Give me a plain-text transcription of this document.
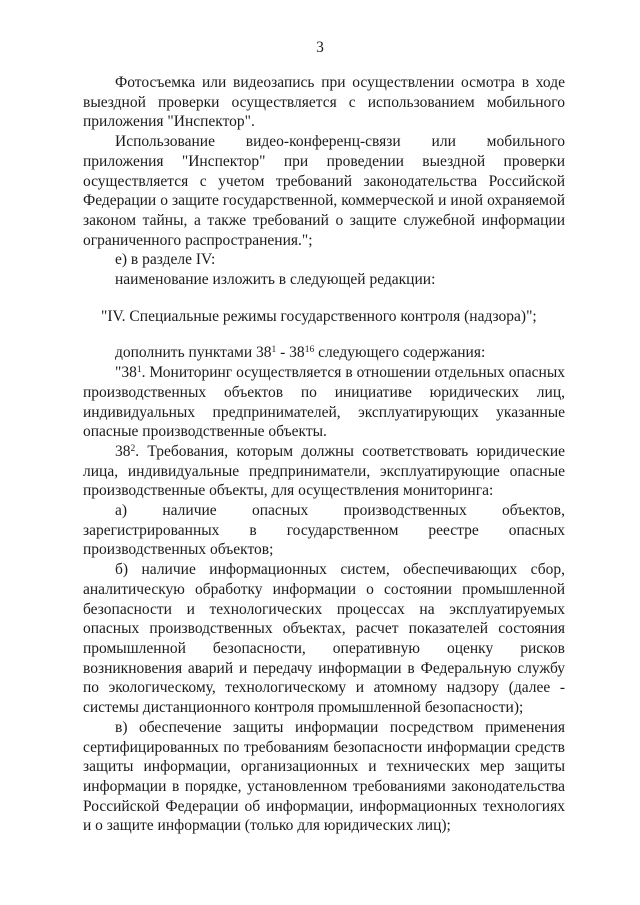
3

Фотосъемка или видеозапись при осуществлении осмотра в ходе выездной проверки осуществляется с использованием мобильного приложения "Инспектор".

Использование видео-конференц-связи или мобильного приложения "Инспектор" при проведении выездной проверки осуществляется с учетом требований законодательства Российской Федерации о защите государственной, коммерческой и иной охраняемой законом тайны, а также требований о защите служебной информации ограниченного распространения.";

е) в разделе IV:

наименование изложить в следующей редакции:

"IV. Специальные режимы государственного контроля (надзора)";

дополнить пунктами $38^1 - 38^{16}$ следующего содержания:

"$38^1$. Мониторинг осуществляется в отношении отдельных опасных производственных объектов по инициативе юридических лиц, индивидуальных предпринимателей, эксплуатирующих указанные опасные производственные объекты.

$38^2$. Требования, которым должны соответствовать юридические лица, индивидуальные предприниматели, эксплуатирующие опасные производственные объекты, для осуществления мониторинга:

а) наличие опасных производственных объектов, зарегистрированных в государственном реестре опасных производственных объектов;

б) наличие информационных систем, обеспечивающих сбор, аналитическую обработку информации о состоянии промышленной безопасности и технологических процессах на эксплуатируемых опасных производственных объектах, расчет показателей состояния промышленной безопасности, оперативную оценку рисков возникновения аварий и передачу информации в Федеральную службу по экологическому, технологическому и атомному надзору (далее - системы дистанционного контроля промышленной безопасности);

в) обеспечение защиты информации посредством применения сертифицированных по требованиям безопасности информации средств защиты информации, организационных и технических мер защиты информации в порядке, установленном требованиями законодательства Российской Федерации об информации, информационных технологиях и о защите информации (только для юридических лиц);
